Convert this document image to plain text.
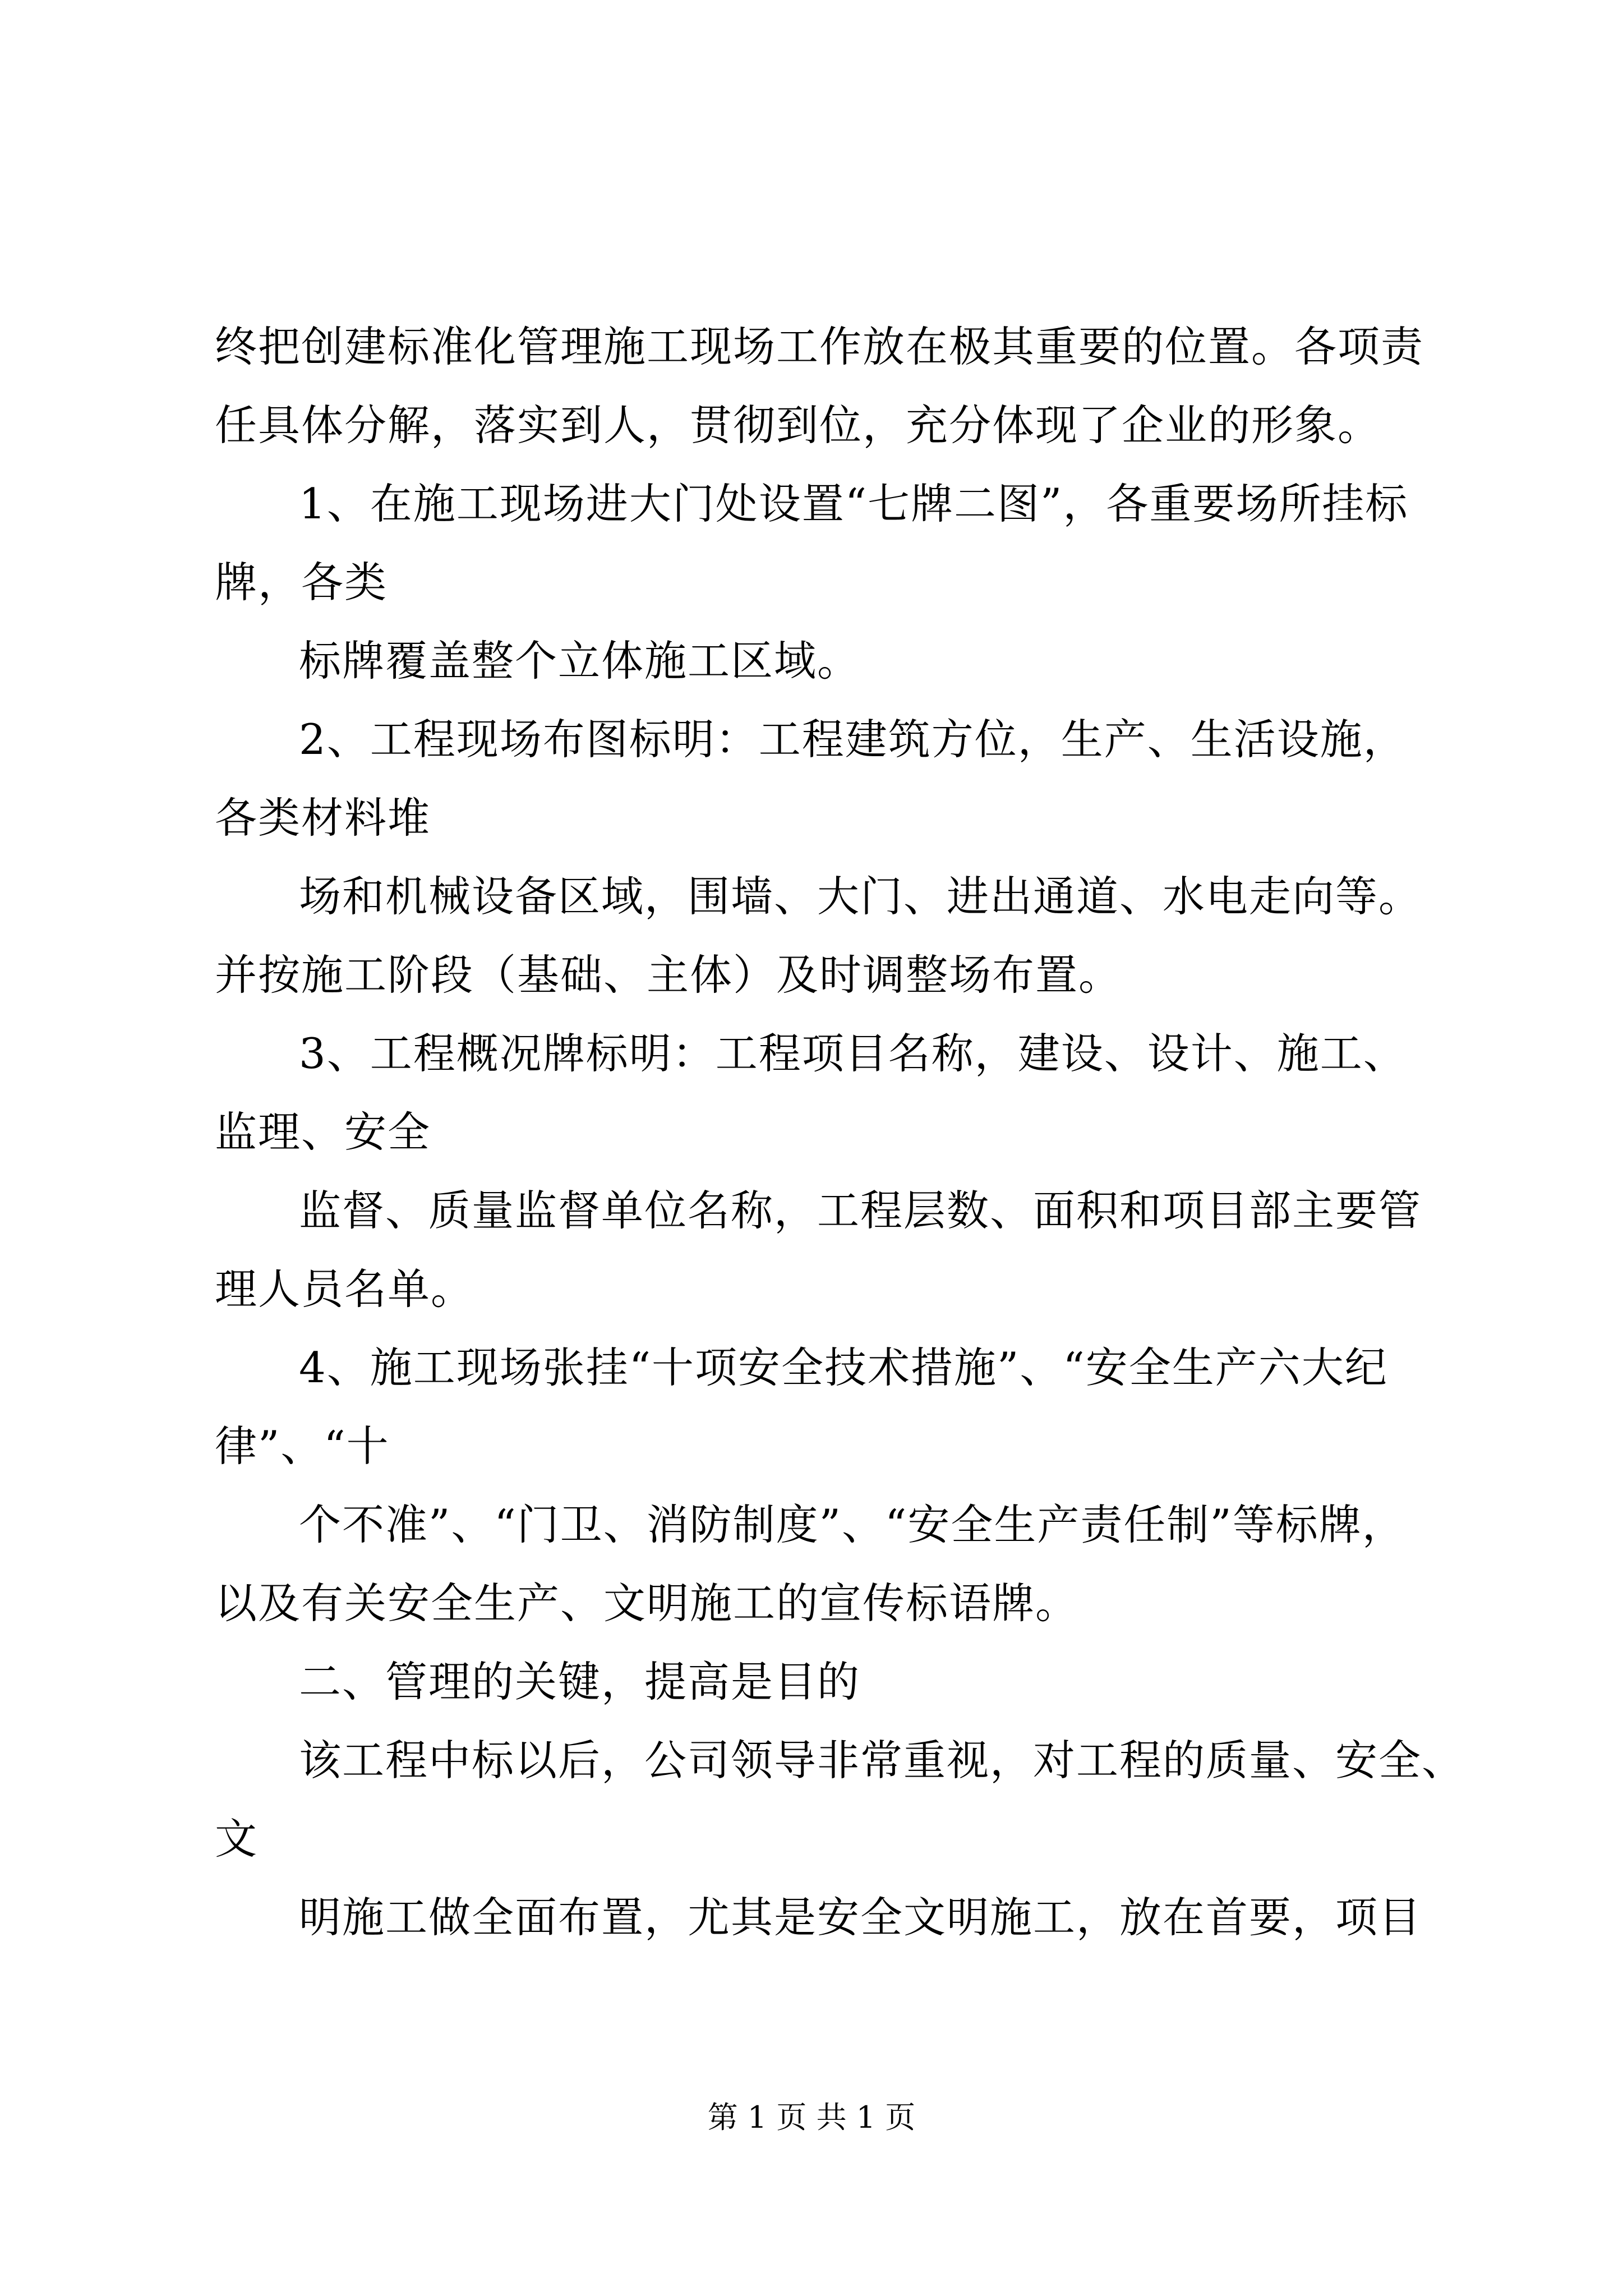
终把创建标准化管理施工现场工作放在极其重要的位置。各项责
任具体分解，落实到人，贯彻到位，充分体现了企业的形象。
1、在施工现场进大门处设置“七牌二图”，各重要场所挂标
牌，各类
标牌覆盖整个立体施工区域。
2、工程现场布图标明：工程建筑方位，生产、生活设施，
各类材料堆
场和机械设备区域，围墙、大门、进出通道、水电走向等。
并按施工阶段（基础、主体）及时调整场布置。
3、工程概况牌标明：工程项目名称，建设、设计、施工、
监理、安全
监督、质量监督单位名称，工程层数、面积和项目部主要管
理人员名单。
4、施工现场张挂“十项安全技术措施”、“安全生产六大纪
律”、“十
个不准”、“门卫、消防制度”、“安全生产责任制”等标牌，
以及有关安全生产、文明施工的宣传标语牌。
二、管理的关键，提高是目的
该工程中标以后，公司领导非常重视，对工程的质量、安全、
文
明施工做全面布置，尤其是安全文明施工，放在首要，项目
第 1 页 共 1 页
